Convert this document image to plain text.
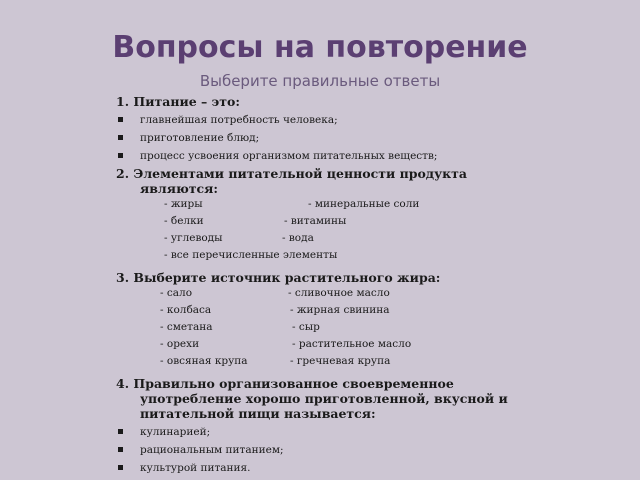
Вопросы на повторение
Выберите правильные ответы

1. Питание – это:

главнейшая потребность человека;
приготовление блюд;
процесс усвоения организмом питательных веществ;

2. Элементами питательной ценности продукта
являются:

- жиры	- минеральные соли
- белки	- витамины
- углеводы	- вода
- все перечисленные элементы

3. Выберите источник растительного жира:

- сало	- сливочное масло
- колбаса	- жирная свинина
- сметана	- сыр
- орехи	- растительное масло
- овсяная крупа	- гречневая крупа

4. Правильно организованное своевременное
употребление хорошо приготовленной, вкусной и
питательной пищи называется:

кулинарией;
рациональным питанием;
культурой питания.
